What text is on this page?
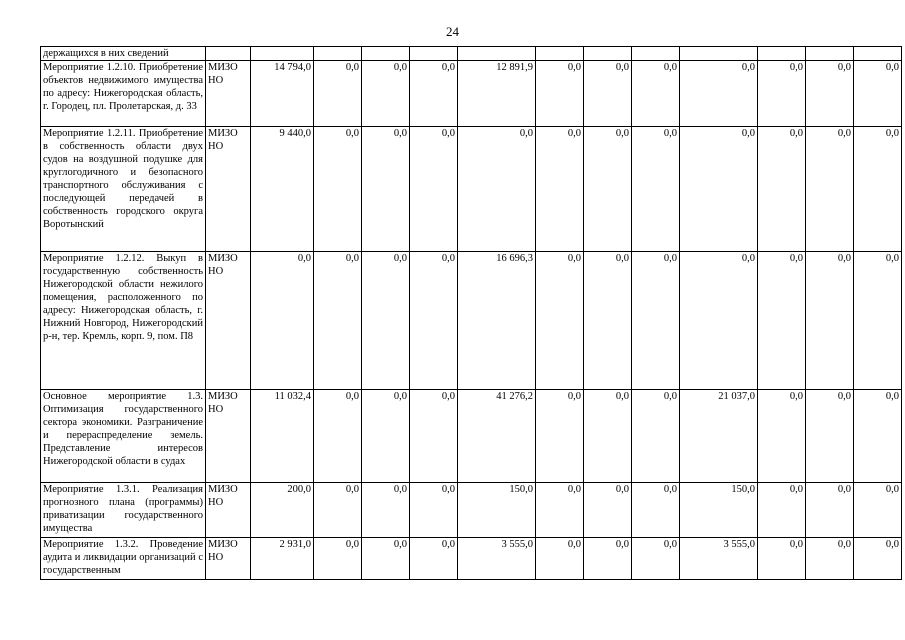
24
держащихся в них сведений													
Мероприятие 1.2.10. Приобретение объектов недвижимого имущества по адресу: Нижегородская область, г. Городец, пл. Пролетарская, д. 33	МИЗО НО	14 794,0	0,0	0,0	0,0	12 891,9	0,0	0,0	0,0	0,0	0,0	0,0	0,0
Мероприятие 1.2.11. Приобретение в собственность области двух судов на воздушной подушке для круглогодичного и безопасного транспортного обслуживания с последующей передачей в собственность городского округа Воротынский	МИЗО НО	9 440,0	0,0	0,0	0,0	0,0	0,0	0,0	0,0	0,0	0,0	0,0	0,0
Мероприятие 1.2.12. Выкуп в государственную собственность Нижегородской области нежилого помещения, расположенного по адресу: Нижегородская область, г. Нижний Новгород, Нижегородский р-н, тер. Кремль, корп. 9, пом. П8	МИЗО НО	0,0	0,0	0,0	0,0	16 696,3	0,0	0,0	0,0	0,0	0,0	0,0	0,0
Основное мероприятие 1.3. Оптимизация государственного сектора экономики. Разграничение и перераспределение земель. Представление интересов Нижегородской области в судах	МИЗО НО	11 032,4	0,0	0,0	0,0	41 276,2	0,0	0,0	0,0	21 037,0	0,0	0,0	0,0
Мероприятие 1.3.1. Реализация прогнозного плана (программы) приватизации государственного имущества	МИЗО НО	200,0	0,0	0,0	0,0	150,0	0,0	0,0	0,0	150,0	0,0	0,0	0,0
Мероприятие 1.3.2. Проведение аудита и ликвидации организаций с государственным	МИЗО НО	2 931,0	0,0	0,0	0,0	3 555,0	0,0	0,0	0,0	3 555,0	0,0	0,0	0,0
